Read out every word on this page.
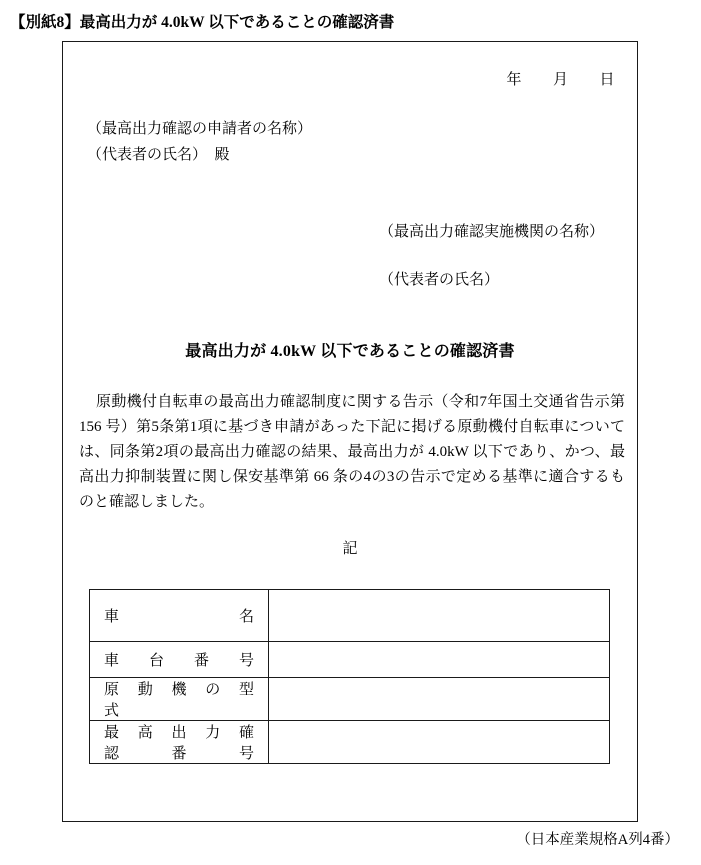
【別紙8】最高出力が 4.0kW 以下であることの確認済書
年　　月　　日
（最高出力確認の申請者の名称）
（代表者の氏名）　殿
（最高出力確認実施機関の名称）
（代表者の氏名）
最高出力が 4.0kW 以下であることの確認済書
原動機付自転車の最高出力確認制度に関する告示（令和7年国土交通省告示第 156 号）第5条第1項に基づき申請があった下記に掲げる原動機付自転車については、同条第2項の最高出力確認の結果、最高出力が 4.0kW 以下であり、かつ、最高出力抑制装置に関し保安基準第 66 条の4の3の告示で定める基準に適合するものと確認しました。
記
車　　　　　　名	

車　台　番　号	

原　動　機　の　型　式	

最　高　出　力　確　認　番　号	

（日本産業規格A列4番）
